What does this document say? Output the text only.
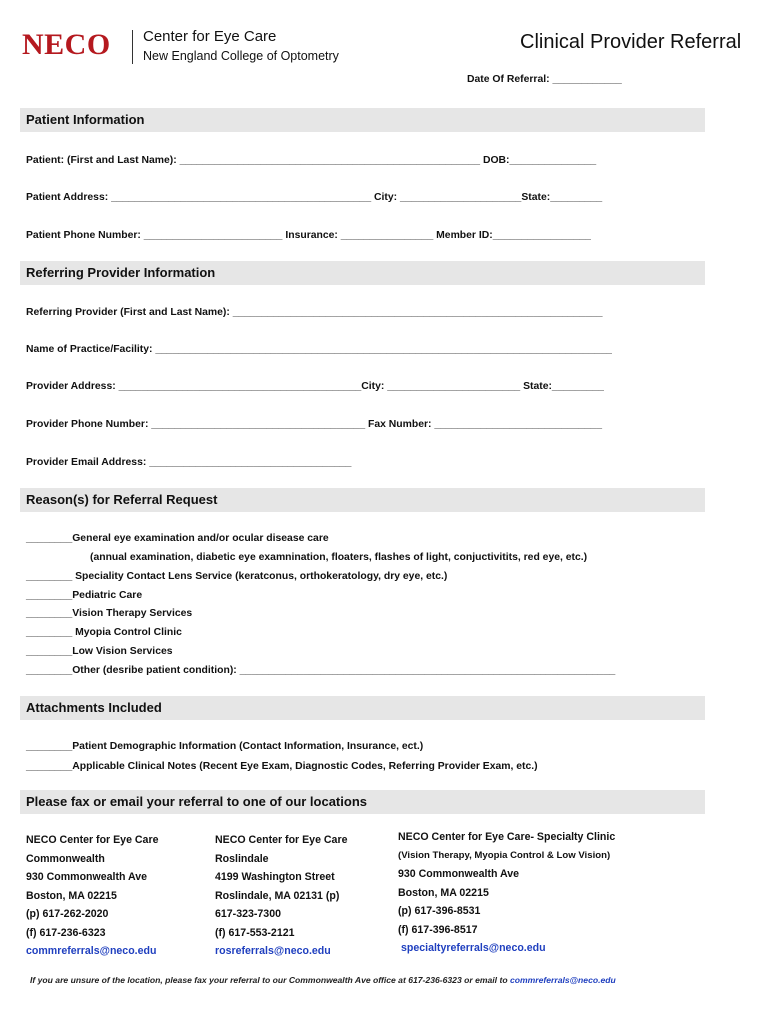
NECO Center for Eye Care
New England College of Optometry
Clinical Provider Referral
Date Of Referral: ____________
Patient Information
Patient: (First and Last Name): ____________________________________________________ DOB:_______________
Patient Address: _____________________________________________ City: _____________________State:_________
Patient Phone Number: ________________________ Insurance: ________________ Member ID:_________________
Referring Provider Information
Referring Provider (First and Last Name): ________________________________________________________________
Name of Practice/Facility: _______________________________________________________________________________
Provider Address: __________________________________________City: _______________________ State:_________
Provider Phone Number: _____________________________________ Fax Number: _____________________________
Provider Email Address: ___________________________________
Reason(s) for Referral Request
________General eye examination and/or ocular disease care
(annual examination, diabetic eye examnination, floaters, flashes of light, conjuctivitits, red eye, etc.)
________ Speciality Contact Lens Service (keratconus, orthokeratology, dry eye, etc.)
________Pediatric Care
________Vision Therapy Services
________ Myopia Control Clinic
________Low Vision Services
________Other (desribe patient condition): _________________________________________________________________
Attachments Included
________Patient Demographic Information (Contact Information, Insurance, ect.)
________Applicable Clinical Notes (Recent Eye Exam, Diagnostic Codes, Referring Provider Exam, etc.)
Please fax or email your referral to one of our locations
NECO Center for Eye Care
Commonwealth
930 Commonwealth Ave
Boston, MA 02215
(p) 617-262-2020
(f) 617-236-6323
commreferrals@neco.edu
NECO Center for Eye Care
Roslindale
4199 Washington Street
Roslindale, MA 02131 (p)
617-323-7300
(f) 617-553-2121
rosreferrals@neco.edu
NECO Center for Eye Care- Specialty Clinic
(Vision Therapy, Myopia Control & Low Vision)
930 Commonwealth Ave
Boston, MA 02215
(p) 617-396-8531
(f) 617-396-8517
specialtyreferrals@neco.edu
If you are unsure of the location, please fax your referral to our Commonwealth Ave office at 617-236-6323 or email to commreferrals@neco.edu
